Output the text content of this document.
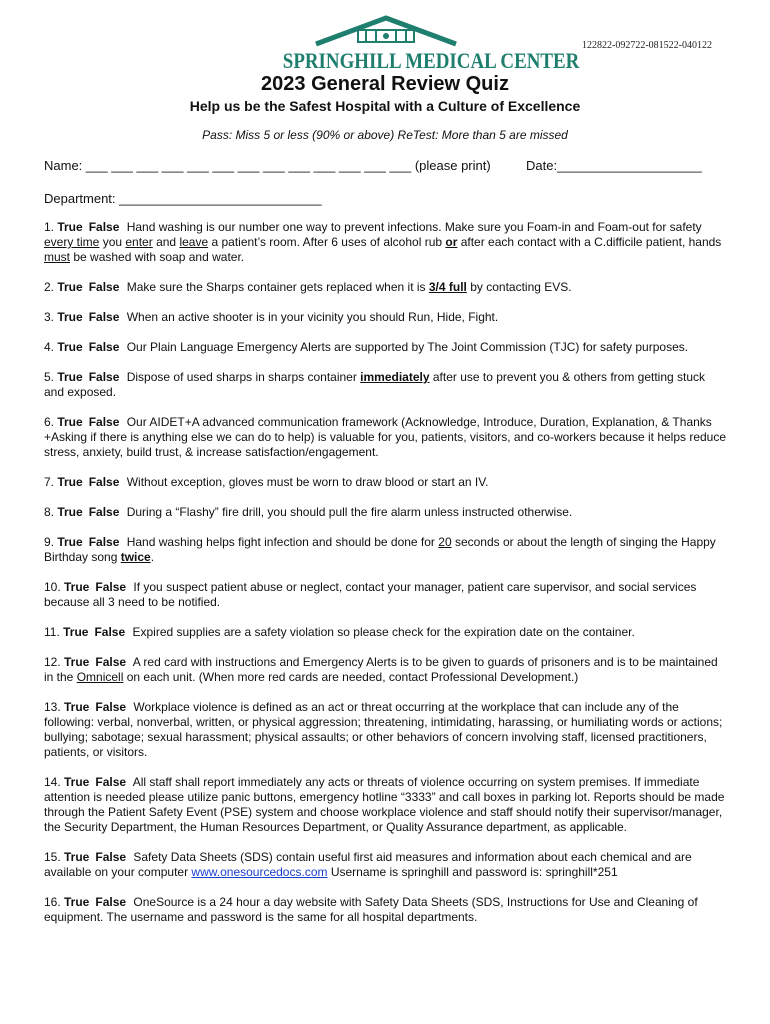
SPRINGHILL MEDICAL CENTER
122822-092722-081522-040122
2023 General Review Quiz
Help us be the Safest Hospital with a Culture of Excellence
Pass: Miss 5 or less (90% or above) ReTest: More than 5 are missed
Name: ___ ___ ___ ___ ___ ___ ___ ___ ___ ___ ___ ___ ___ (please print)	Date:____________________
Department: ____________________________
1. True False Hand washing is our number one way to prevent infections. Make sure you Foam-in and Foam-out for safety every time you enter and leave a patient’s room. After 6 uses of alcohol rub or after each contact with a C.difficile patient, hands must be washed with soap and water.
2. True False Make sure the Sharps container gets replaced when it is 3/4 full by contacting EVS.
3. True False When an active shooter is in your vicinity you should Run, Hide, Fight.
4. True False Our Plain Language Emergency Alerts are supported by The Joint Commission (TJC) for safety purposes.
5. True False Dispose of used sharps in sharps container immediately after use to prevent you & others from getting stuck and exposed.
6. True False Our AIDET+A advanced communication framework (Acknowledge, Introduce, Duration, Explanation, & Thanks +Asking if there is anything else we can do to help) is valuable for you, patients, visitors, and co-workers because it helps reduce stress, anxiety, build trust, & increase satisfaction/engagement.
7. True False Without exception, gloves must be worn to draw blood or start an IV.
8. True False During a “Flashy” fire drill, you should pull the fire alarm unless instructed otherwise.
9. True False Hand washing helps fight infection and should be done for 20 seconds or about the length of singing the Happy Birthday song twice.
10. True False If you suspect patient abuse or neglect, contact your manager, patient care supervisor, and social services because all 3 need to be notified.
11. True False Expired supplies are a safety violation so please check for the expiration date on the container.
12. True False A red card with instructions and Emergency Alerts is to be given to guards of prisoners and is to be maintained in the Omnicell on each unit. (When more red cards are needed, contact Professional Development.)
13. True False Workplace violence is defined as an act or threat occurring at the workplace that can include any of the following: verbal, nonverbal, written, or physical aggression; threatening, intimidating, harassing, or humiliating words or actions; bullying; sabotage; sexual harassment; physical assaults; or other behaviors of concern involving staff, licensed practitioners, patients, or visitors.
14. True False All staff shall report immediately any acts or threats of violence occurring on system premises. If immediate attention is needed please utilize panic buttons, emergency hotline “3333” and call boxes in parking lot. Reports should be made through the Patient Safety Event (PSE) system and choose workplace violence and staff should notify their supervisor/manager, the Security Department, the Human Resources Department, or Quality Assurance department, as applicable.
15. True False Safety Data Sheets (SDS) contain useful first aid measures and information about each chemical and are available on your computer www.onesourcedocs.com Username is springhill and password is: springhill*251
16. True False OneSource is a 24 hour a day website with Safety Data Sheets (SDS, Instructions for Use and Cleaning of equipment. The username and password is the same for all hospital departments.
